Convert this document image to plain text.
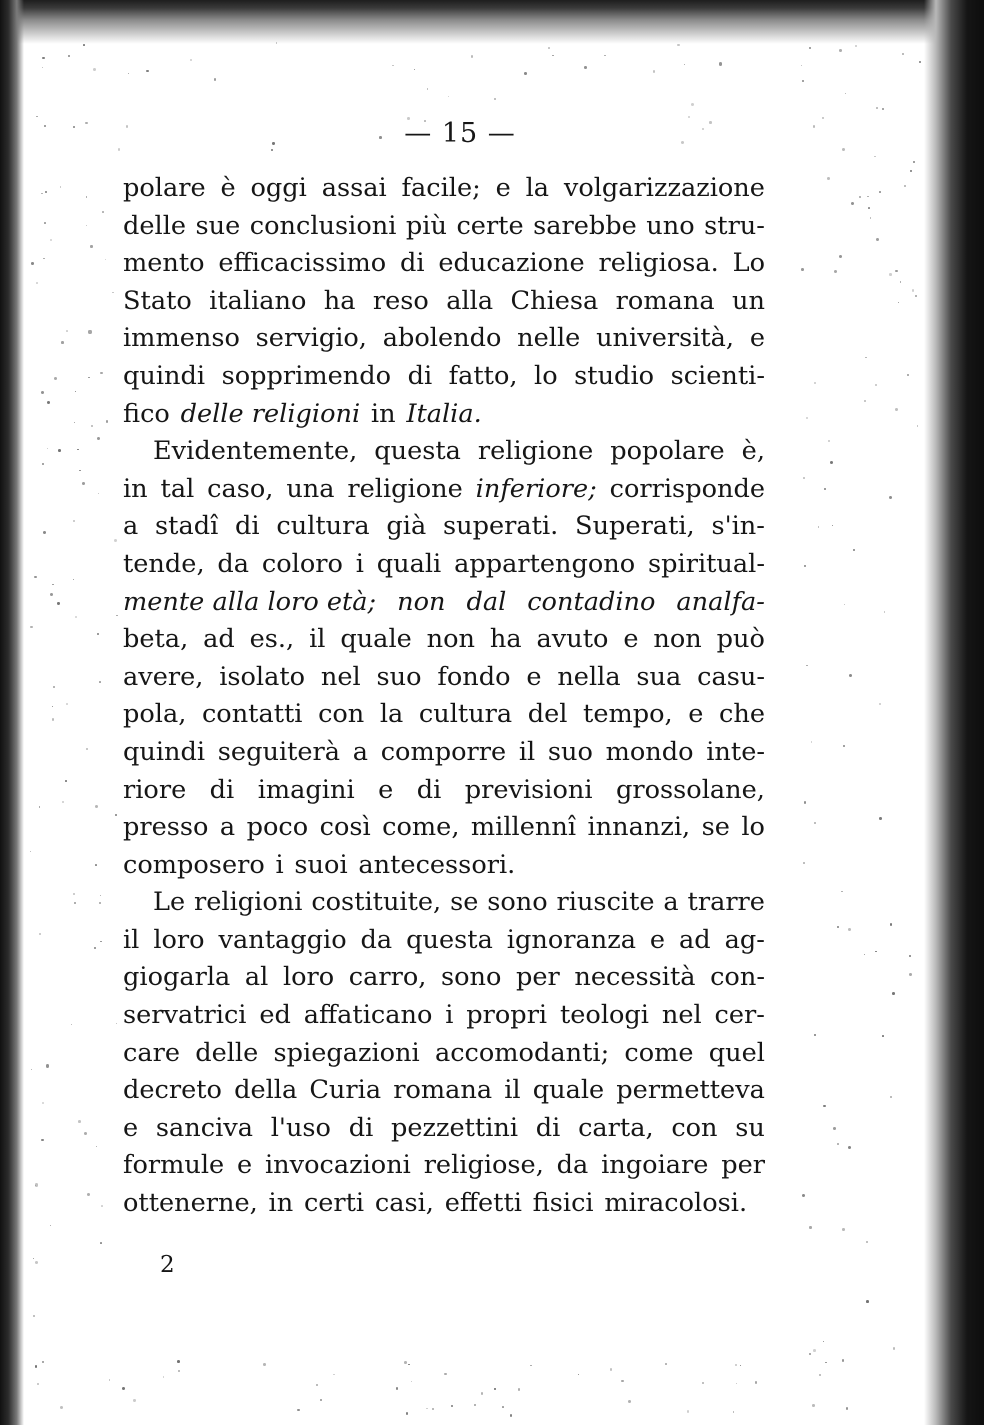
— 15 —
polare è oggi assai facile; e la volgarizzazione
delle sue conclusioni più certe sarebbe uno stru-
mento efficacissimo di educazione religiosa. Lo
Stato italiano ha reso alla Chiesa romana un
immenso servigio, abolendo nelle università, e
quindi sopprimendo di fatto, lo studio scienti-
fico delle religioni in Italia.
Evidentemente, questa religione popolare è,
in tal caso, una religione inferiore; corrisponde
a stadî di cultura già superati. Superati, s'in-
tende, da coloro i quali appartengono spiritual-
mente alla loro età; non dal contadino analfa-
beta, ad es., il quale non ha avuto e non può
avere, isolato nel suo fondo e nella sua casu-
pola, contatti con la cultura del tempo, e che
quindi seguiterà a comporre il suo mondo inte-
riore di imagini e di previsioni grossolane,
presso a poco così come, millennî innanzi, se lo
composero i suoi antecessori.
Le religioni costituite, se sono riuscite a trarre
il loro vantaggio da questa ignoranza e ad ag-
giogarla al loro carro, sono per necessità con-
servatrici ed affaticano i propri teologi nel cer-
care delle spiegazioni accomodanti; come quel
decreto della Curia romana il quale permetteva
e sanciva l'uso di pezzettini di carta, con su
formule e invocazioni religiose, da ingoiare per
ottenerne, in certi casi, effetti fisici miracolosi.
2
